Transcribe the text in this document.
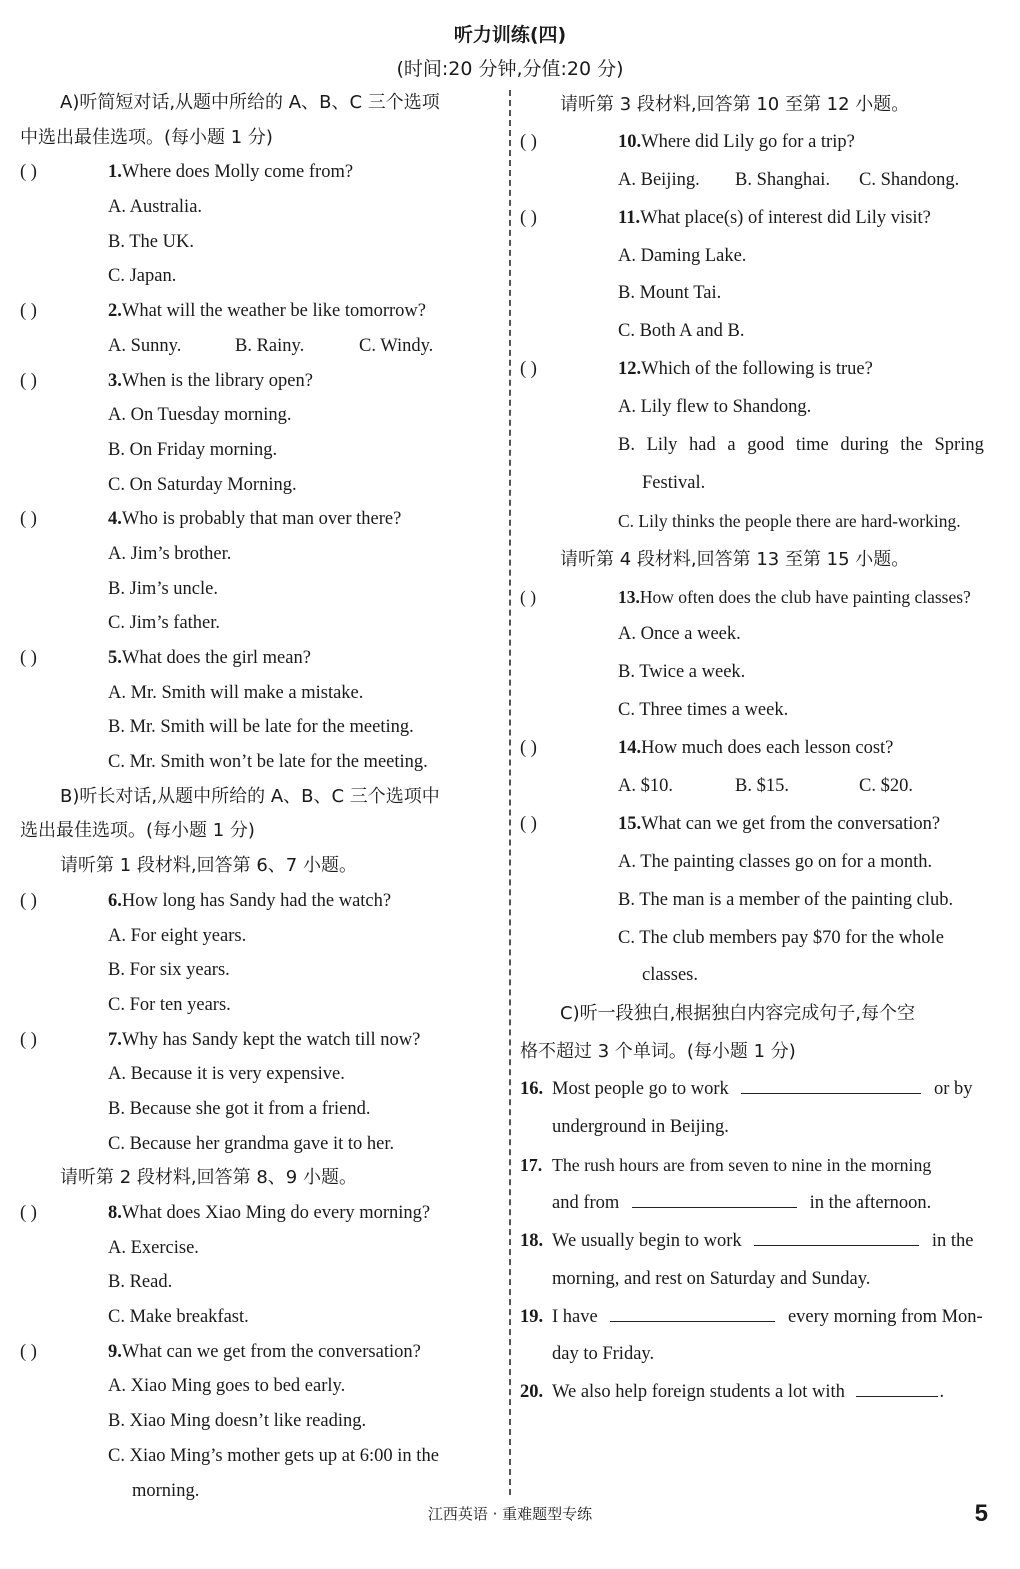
听力训练(四)
(时间:20 分钟,分值:20 分)
A)听简短对话,从题中所给的 A、B、C 三个选项
中选出最佳选项。(每小题 1 分)
( )	1.Where does Molly come from?
A. Australia.
B. The UK.
C. Japan.
( )	2.What will the weather be like tomorrow?
A. Sunny.	B. Rainy.	C. Windy.
( )	3.When is the library open?
A. On Tuesday morning.
B. On Friday morning.
C. On Saturday Morning.
( )	4.Who is probably that man over there?
A. Jim’s brother.
B. Jim’s uncle.
C. Jim’s father.
( )	5.What does the girl mean?
A. Mr. Smith will make a mistake.
B. Mr. Smith will be late for the meeting.
C. Mr. Smith won’t be late for the meeting.
B)听长对话,从题中所给的 A、B、C 三个选项中
选出最佳选项。(每小题 1 分)
请听第 1 段材料,回答第 6、7 小题。
( )	6.How long has Sandy had the watch?
A. For eight years.
B. For six years.
C. For ten years.
( )	7.Why has Sandy kept the watch till now?
A. Because it is very expensive.
B. Because she got it from a friend.
C. Because her grandma gave it to her.
请听第 2 段材料,回答第 8、9 小题。
( )	8.What does Xiao Ming do every morning?
A. Exercise.
B. Read.
C. Make breakfast.
( )	9.What can we get from the conversation?
A. Xiao Ming goes to bed early.
B. Xiao Ming doesn’t like reading.
C. Xiao Ming’s mother gets up at 6:00 in the
morning.
请听第 3 段材料,回答第 10 至第 12 小题。
( )	10.Where did Lily go for a trip?
A. Beijing. B. Shanghai. C. Shandong.
( )	11.What place(s) of interest did Lily visit?
A. Daming Lake.
B. Mount Tai.
C. Both A and B.
( )	12.Which of the following is true?
A. Lily flew to Shandong.
B. Lily had a good time during the Spring
Festival.
C. Lily thinks the people there are hard-working.
请听第 4 段材料,回答第 13 至第 15 小题。
( )	13.How often does the club have painting classes?
A. Once a week.
B. Twice a week.
C. Three times a week.
( )	14.How much does each lesson cost?
A. $10.	B. $15.	C. $20.
( )	15.What can we get from the conversation?
A. The painting classes go on for a month.
B. The man is a member of the painting club.
C. The club members pay $70 for the whole
classes.
C)听一段独白,根据独白内容完成句子,每个空
格不超过 3 个单词。(每小题 1 分)
16. Most people go to work	or by
underground in Beijing.
17. The rush hours are from seven to nine in the morning
and from	in the afternoon.
18. We usually begin to work	in the
morning, and rest on Saturday and Sunday.
19. I have	every morning from Mon-
day to Friday.
20. We also help foreign students a lot with	.
江西英语 · 重难题型专练	5
